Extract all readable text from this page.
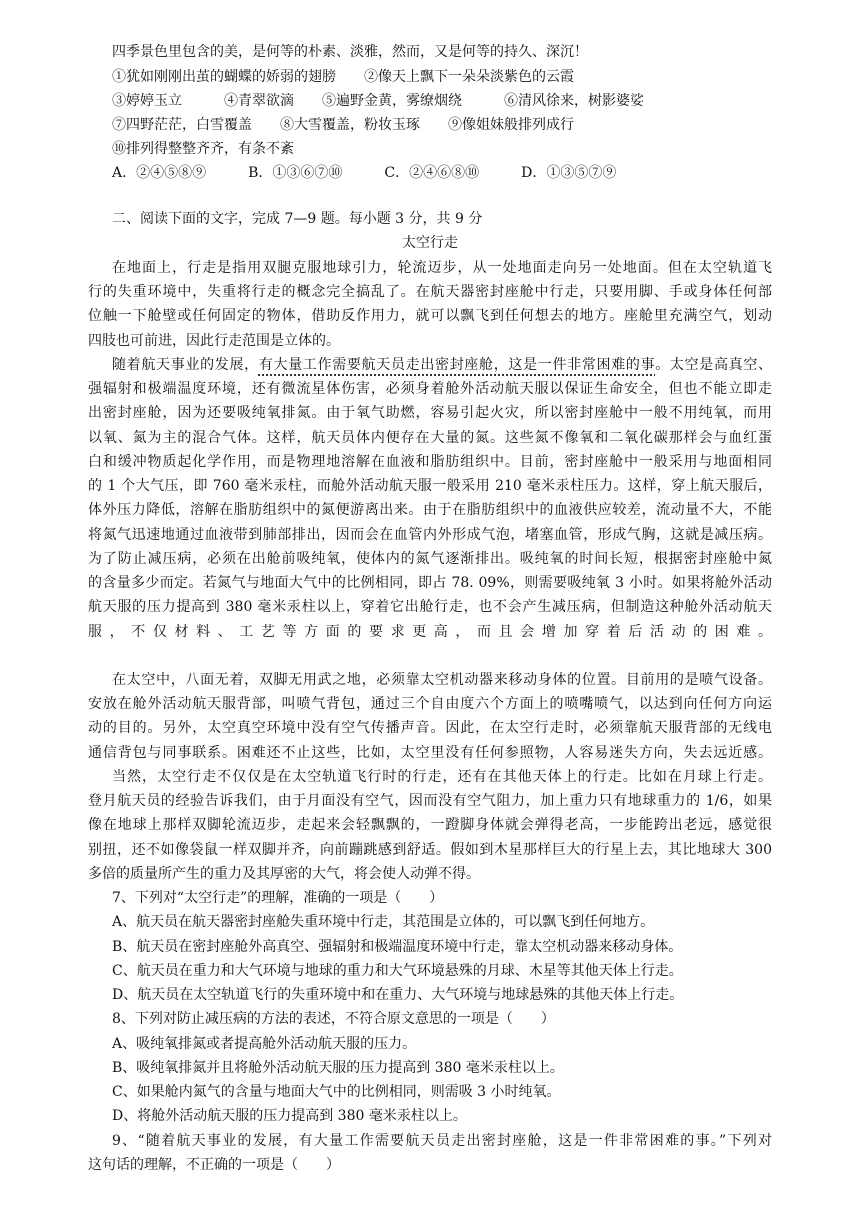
四季景色里包含的美，是何等的朴素、淡雅，然而，又是何等的持久、深沉！
①犹如刚刚出茧的蝴蝶的娇弱的翅膀　　②像天上飘下一朵朵淡紫色的云霞
③婷婷玉立　　　④青翠欲滴　　⑤遍野金黄，雾缭烟绕　　　⑥清风徐来，树影婆娑
⑦四野茫茫，白雪覆盖　　⑧大雪覆盖，粉妆玉琢　　⑨像姐妹般排列成行
⑩排列得整整齐齐，有条不紊
A．②④⑤⑧⑨　　　B．①③⑥⑦⑩　　　C．②④⑥⑧⑩　　　D．①③⑤⑦⑨
二、阅读下面的文字，完成 7—9 题。每小题 3 分，共 9 分
太空行走
在地面上，行走是指用双腿克服地球引力，轮流迈步，从一处地面走向另一处地面。但在太空轨道飞
行的失重环境中，失重将行走的概念完全搞乱了。在航天器密封座舱中行走，只要用脚、手或身体任何部
位触一下舱壁或任何固定的物体，借助反作用力，就可以飘飞到任何想去的地方。座舱里充满空气，划动
四肢也可前进，因此行走范围是立体的。
随着航天事业的发展，有大量工作需要航天员走出密封座舱，这是一件非常困难的事。太空是高真空、
强辐射和极端温度环境，还有微流星体伤害，必须身着舱外活动航天服以保证生命安全，但也不能立即走
出密封座舱，因为还要吸纯氧排氮。由于氧气助燃，容易引起火灾，所以密封座舱中一般不用纯氧，而用
以氧、氮为主的混合气体。这样，航天员体内便存在大量的氮。这些氮不像氧和二氧化碳那样会与血红蛋
白和缓冲物质起化学作用，而是物理地溶解在血液和脂肪组织中。目前，密封座舱中一般采用与地面相同
的 1 个大气压，即 760 毫米汞柱，而舱外活动航天服一般采用 210 毫米汞柱压力。这样，穿上航天服后，
体外压力降低，溶解在脂肪组织中的氮便游离出来。由于在脂肪组织中的血液供应较差，流动量不大，不能
将氮气迅速地通过血液带到肺部排出，因而会在血管内外形成气泡，堵塞血管，形成气胸，这就是减压病。
为了防止减压病，必须在出舱前吸纯氧，使体内的氮气逐渐排出。吸纯氧的时间长短，根据密封座舱中氮
的含量多少而定。若氮气与地面大气中的比例相同，即占 78. 09%，则需要吸纯氧 3 小时。如果将舱外活动
航天服的压力提高到 380 毫米汞柱以上，穿着它出舱行走，也不会产生减压病，但制造这种舱外活动航天
服，不仅材料、工艺等方面的要求更高，而且会增加穿着后活动的困难。
在太空中，八面无着，双脚无用武之地，必须靠太空机动器来移动身体的位置。目前用的是喷气设备。
安放在舱外活动航天服背部，叫喷气背包，通过三个自由度六个方面上的喷嘴喷气，以达到向任何方向运
动的目的。另外，太空真空环境中没有空气传播声音。因此，在太空行走时，必须靠航天服背部的无线电
通信背包与同事联系。困难还不止这些，比如，太空里没有任何参照物，人容易迷失方向，失去远近感。
当然，太空行走不仅仅是在太空轨道飞行时的行走，还有在其他天体上的行走。比如在月球上行走。
登月航天员的经验告诉我们，由于月面没有空气，因而没有空气阻力，加上重力只有地球重力的 1/6，如果
像在地球上那样双脚轮流迈步，走起来会轻飘飘的，一蹬脚身体就会弹得老高，一步能跨出老远，感觉很
别扭，还不如像袋鼠一样双脚并齐，向前蹦跳感到舒适。假如到木星那样巨大的行星上去，其比地球大 300
多倍的质量所产生的重力及其厚密的大气，将会使人动弹不得。
7、下列对“太空行走”的理解，准确的一项是（　　）
A、航天员在航天器密封座舱失重环境中行走，其范围是立体的，可以飘飞到任何地方。
B、航天员在密封座舱外高真空、强辐射和极端温度环境中行走，靠太空机动器来移动身体。
C、航天员在重力和大气环境与地球的重力和大气环境悬殊的月球、木星等其他天体上行走。
D、航天员在太空轨道飞行的失重环境中和在重力、大气环境与地球悬殊的其他天体上行走。
8、下列对防止减压病的方法的表述，不符合原文意思的一项是（　　）
A、吸纯氧排氮或者提高舱外活动航天服的压力。
B、吸纯氧排氮并且将舱外活动航天服的压力提高到 380 毫米汞柱以上。
C、如果舱内氮气的含量与地面大气中的比例相同，则需吸 3 小时纯氧。
D、将舱外活动航天服的压力提高到 380 毫米汞柱以上。
9、“随着航天事业的发展，有大量工作需要航天员走出密封座舱，这是一件非常困难的事。”下列对
这句话的理解，不正确的一项是（　　）
